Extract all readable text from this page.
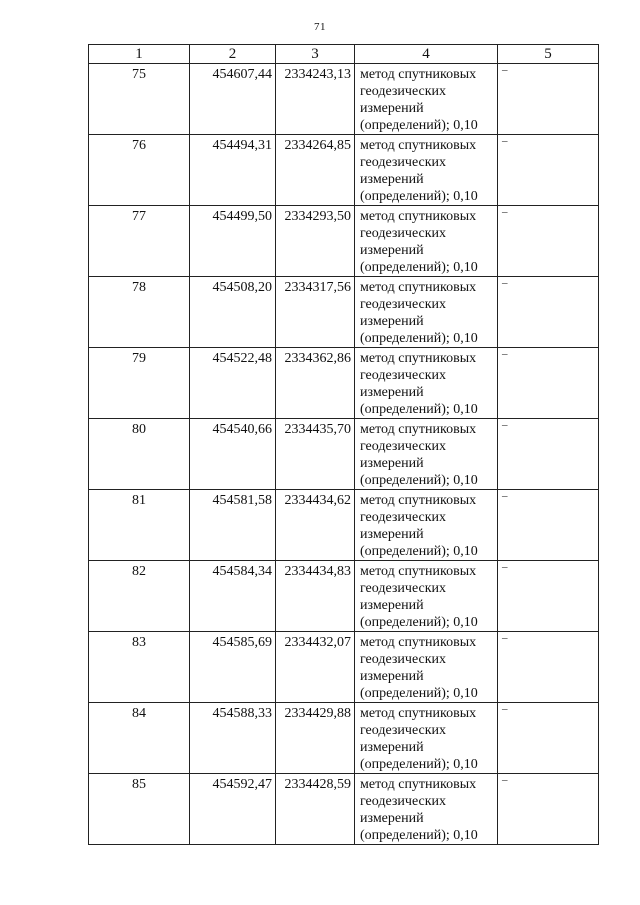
71
1	2	3	4	5
75	454607,44	2334243,13	метод спутниковых геодезических измерений (определений); 0,10	–
76	454494,31	2334264,85	метод спутниковых геодезических измерений (определений); 0,10	–
77	454499,50	2334293,50	метод спутниковых геодезических измерений (определений); 0,10	–
78	454508,20	2334317,56	метод спутниковых геодезических измерений (определений); 0,10	–
79	454522,48	2334362,86	метод спутниковых геодезических измерений (определений); 0,10	–
80	454540,66	2334435,70	метод спутниковых геодезических измерений (определений); 0,10	–
81	454581,58	2334434,62	метод спутниковых геодезических измерений (определений); 0,10	–
82	454584,34	2334434,83	метод спутниковых геодезических измерений (определений); 0,10	–
83	454585,69	2334432,07	метод спутниковых геодезических измерений (определений); 0,10	–
84	454588,33	2334429,88	метод спутниковых геодезических измерений (определений); 0,10	–
85	454592,47	2334428,59	метод спутниковых геодезических измерений (определений); 0,10	–
